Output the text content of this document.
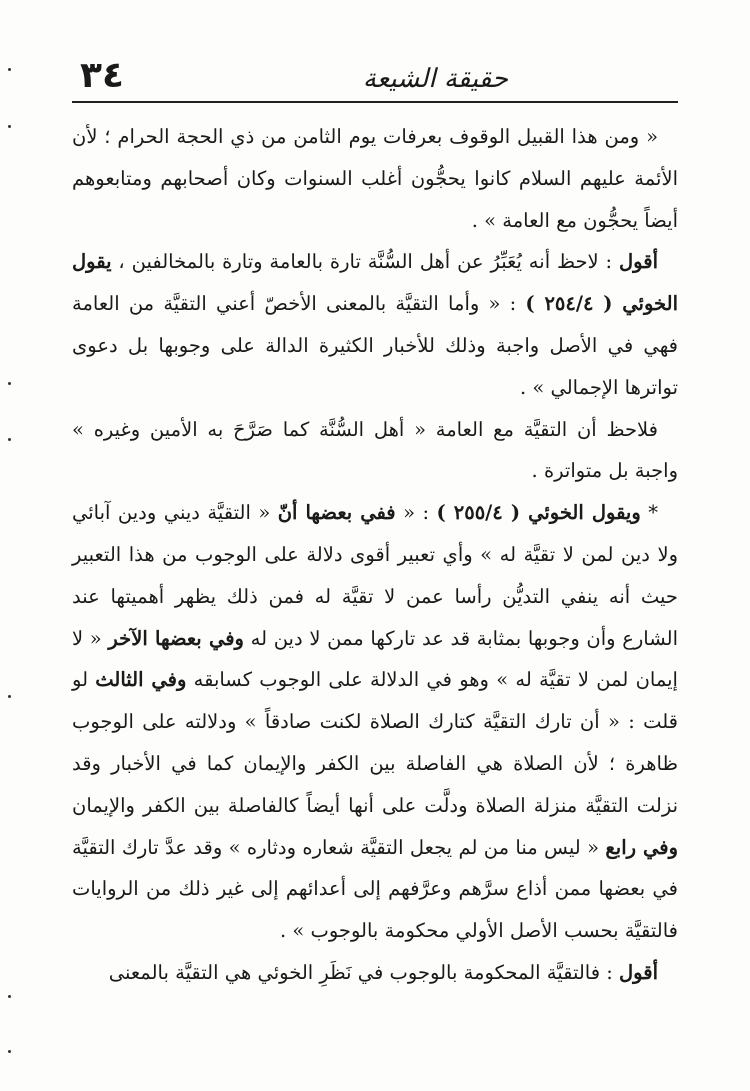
٣٤	حقيقة الشيعة

« ومن هذا القبيل الوقوف بعرفات يوم الثامن من ذي الحجة الحرام ؛ لأن الأئمة عليهم السلام كانوا يحجُّون أغلب السنوات وكان أصحابهم ومتابعوهم أيضاً يحجُّون مع العامة » .

أقول : لاحظ أنه يُعَبِّرُ عن أهل السُّنَّة تارة بالعامة وتارة بالمخالفين ، يقول الخوئي ( ٢٥٤/٤ ) : « وأما التقيَّة بالمعنى الأخصّ أعني التقيَّة من العامة فهي في الأصل واجبة وذلك للأخبار الكثيرة الدالة على وجوبها بل دعوى تواترها الإجمالي » .

فلاحظ أن التقيَّة مع العامة « أهل السُّنَّة كما صَرَّحَ به الأمين وغيره » واجبة بل متواترة .

* ويقول الخوئي ( ٢٥٥/٤ ) : « ففي بعضها أنّ « التقيَّة ديني ودين آبائي ولا دين لمن لا تقيَّة له » وأي تعبير أقوى دلالة على الوجوب من هذا التعبير حيث أنه ينفي التديُّن رأسا عمن لا تقيَّة له فمن ذلك يظهر أهميتها عند الشارع وأن وجوبها بمثابة قد عد تاركها ممن لا دين له وفي بعضها الآخر « لا إيمان لمن لا تقيَّة له » وهو في الدلالة على الوجوب كسابقه وفي الثالث لو قلت : « أن تارك التقيَّة كتارك الصلاة لكنت صادقاً » ودلالته على الوجوب ظاهرة ؛ لأن الصلاة هي الفاصلة بين الكفر والإيمان كما في الأخبار وقد نزلت التقيَّة منزلة الصلاة ودلَّت على أنها أيضاً كالفاصلة بين الكفر والإيمان وفي رابع « ليس منا من لم يجعل التقيَّة شعاره ودثاره » وقد عدَّ تارك التقيَّة في بعضها ممن أذاع سرَّهم وعرَّفهم إلى أعدائهم إلى غير ذلك من الروايات فالتقيَّة بحسب الأصل الأولي محكومة بالوجوب » .

أقول : فالتقيَّة المحكومة بالوجوب في نَظَرِ الخوئي هي التقيَّة بالمعنى
